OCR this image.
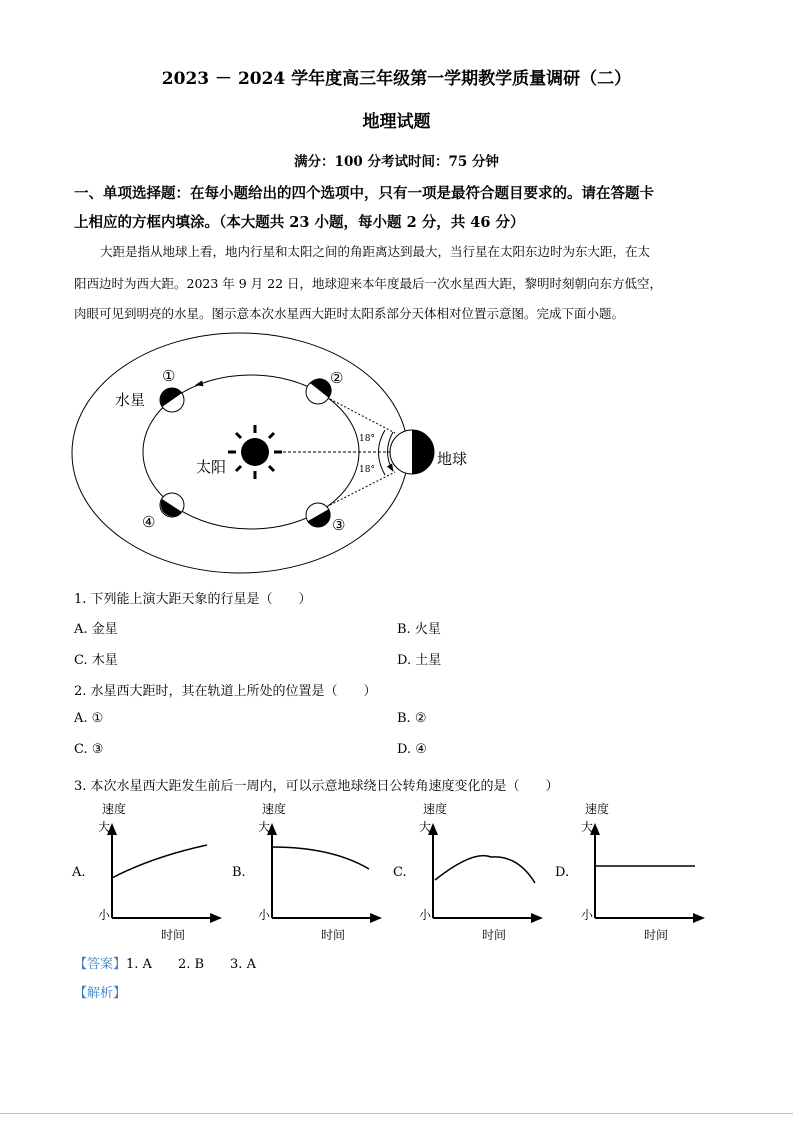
2023 － 2024 学年度高三年级第一学期教学质量调研（二）
地理试题
满分：100 分考试时间：75 分钟
一、单项选择题：在每小题给出的四个选项中，只有一项是最符合题目要求的。请在答题卡
上相应的方框内填涂。（本大题共 23 小题，每小题 2 分，共 46 分）
大距是指从地球上看，地内行星和太阳之间的角距离达到最大，当行星在太阳东边时为东大距，在太
阳西边时为西大距。2023 年 9 月 22 日，地球迎来本年度最后一次水星西大距，黎明时刻朝向东方低空，
肉眼可见到明亮的水星。图示意本次水星西大距时太阳系部分天体相对位置示意图。完成下面小题。
18°
18°
①	②
③
④
水星
太阳	地球
速度
大
小
时间
A.
速度
大
小
时间
B.
速度
大
小
时间
C.
速度
大
小
时间
D.
1. 下列能上演大距天象的行星是（　　）
A. 金星	B. 火星
C. 木星	D. 土星
2. 水星西大距时，其在轨道上所处的位置是（　　）
A. ①	B. ②
C. ③	D. ④
3. 本次水星西大距发生前后一周内，可以示意地球绕日公转角速度变化的是（　　）
【答案】1. A　　2. B　　3. A
【解析】
